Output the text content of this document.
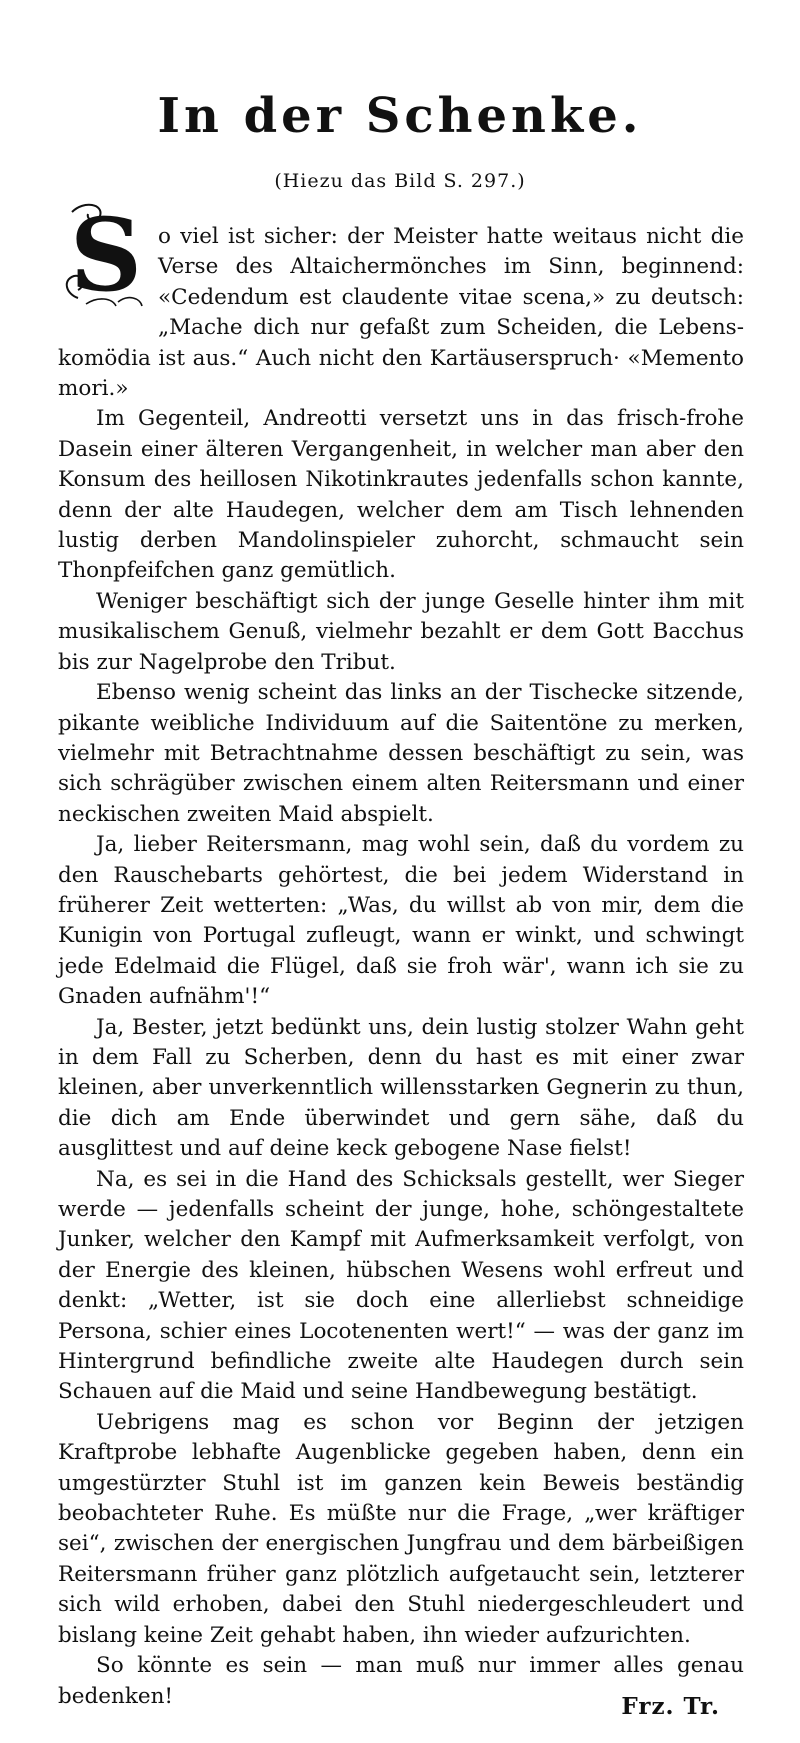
In der Schenke.
(Hiezu das Bild S. 297.)

S o viel ist sicher: der Meister hatte weitaus nicht die Verse des Altaichermönches im Sinn, beginnend: «Cedendum est claudente vitae scena,» zu deutsch: „Mache dich nur gefaßt zum Scheiden, die Lebens- komödia ist aus.“ Auch nicht den Kartäuserspruch· «Memento mori.»

Im Gegenteil, Andreotti versetzt uns in das frisch-frohe Dasein einer älteren Vergangenheit, in welcher man aber den Konsum des heillosen Nikotinkrautes jedenfalls schon kannte, denn der alte Haudegen, welcher dem am Tisch lehnenden lustig derben Mandolinspieler zuhorcht, schmaucht sein Thonpfeifchen ganz gemütlich.

Weniger beschäftigt sich der junge Geselle hinter ihm mit musikalischem Genuß, vielmehr bezahlt er dem Gott Bacchus bis zur Nagelprobe den Tribut.

Ebenso wenig scheint das links an der Tischecke sitzende, pikante weibliche Individuum auf die Saitentöne zu merken, vielmehr mit Betrachtnahme dessen beschäftigt zu sein, was sich schrägüber zwischen einem alten Reitersmann und einer neckischen zweiten Maid abspielt.

Ja, lieber Reitersmann, mag wohl sein, daß du vordem zu den Rauschebarts gehörtest, die bei jedem Widerstand in früherer Zeit wetterten: „Was, du willst ab von mir, dem die Kunigin von Portugal zufleugt, wann er winkt, und schwingt jede Edelmaid die Flügel, daß sie froh wär', wann ich sie zu Gnaden aufnähm'!“

Ja, Bester, jetzt bedünkt uns, dein lustig stolzer Wahn geht in dem Fall zu Scherben, denn du hast es mit einer zwar kleinen, aber unverkenntlich willensstarken Gegnerin zu thun, die dich am Ende überwindet und gern sähe, daß du ausglittest und auf deine keck gebogene Nase fielst!

Na, es sei in die Hand des Schicksals gestellt, wer Sieger werde — jedenfalls scheint der junge, hohe, schöngestaltete Junker, welcher den Kampf mit Aufmerksamkeit verfolgt, von der Energie des kleinen, hübschen Wesens wohl erfreut und denkt: „Wetter, ist sie doch eine allerliebst schneidige Persona, schier eines Locotenenten wert!“ — was der ganz im Hintergrund befindliche zweite alte Haudegen durch sein Schauen auf die Maid und seine Handbewegung bestätigt.

Uebrigens mag es schon vor Beginn der jetzigen Kraftprobe lebhafte Augenblicke gegeben haben, denn ein umgestürzter Stuhl ist im ganzen kein Beweis beständig beobachteter Ruhe. Es müßte nur die Frage, „wer kräftiger sei“, zwischen der energischen Jungfrau und dem bärbeißigen Reitersmann früher ganz plötzlich aufgetaucht sein, letzterer sich wild erhoben, dabei den Stuhl niedergeschleudert und bislang keine Zeit gehabt haben, ihn wieder aufzurichten.

So könnte es sein — man muß nur immer alles genau bedenken!	Frz. Tr.
